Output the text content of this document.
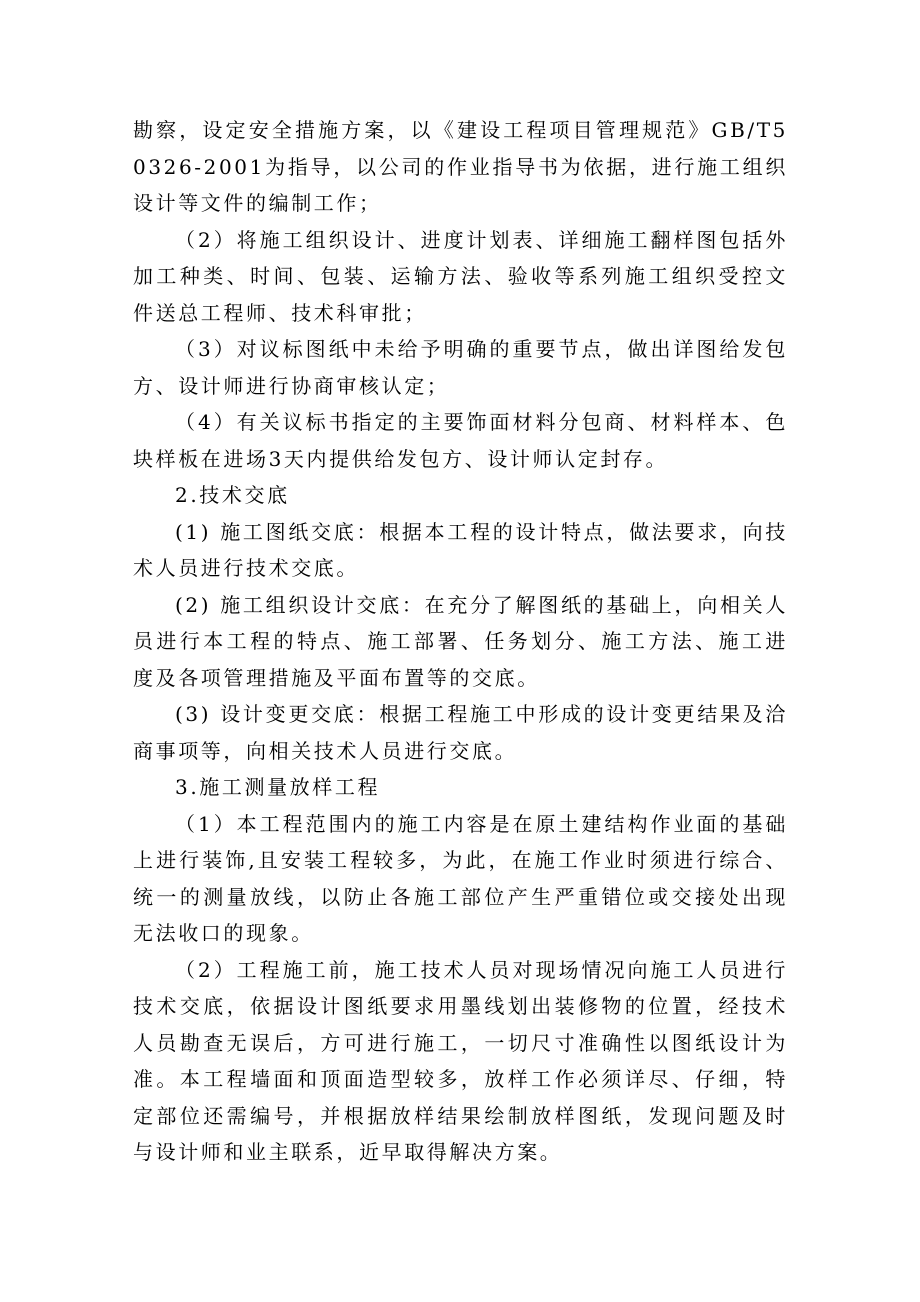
勘察，设定安全措施方案，以《建设工程项目管理规范》GB/T50326-2001为指导，以公司的作业指导书为依据，进行施工组织设计等文件的编制工作；

（2）将施工组织设计、进度计划表、详细施工翻样图包括外加工种类、时间、包装、运输方法、验收等系列施工组织受控文件送总工程师、技术科审批；

（3）对议标图纸中未给予明确的重要节点，做出详图给发包方、设计师进行协商审核认定；

（4）有关议标书指定的主要饰面材料分包商、材料样本、色块样板在进场3天内提供给发包方、设计师认定封存。

2.技术交底

(1) 施工图纸交底：根据本工程的设计特点，做法要求，向技术人员进行技术交底。

(2) 施工组织设计交底：在充分了解图纸的基础上，向相关人员进行本工程的特点、施工部署、任务划分、施工方法、施工进度及各项管理措施及平面布置等的交底。

(3) 设计变更交底：根据工程施工中形成的设计变更结果及洽商事项等，向相关技术人员进行交底。

3.施工测量放样工程

（1）本工程范围内的施工内容是在原土建结构作业面的基础上进行装饰,且安装工程较多，为此，在施工作业时须进行综合、统一的测量放线，以防止各施工部位产生严重错位或交接处出现无法收口的现象。

（2）工程施工前，施工技术人员对现场情况向施工人员进行技术交底，依据设计图纸要求用墨线划出装修物的位置，经技术人员勘查无误后，方可进行施工，一切尺寸准确性以图纸设计为准。本工程墙面和顶面造型较多，放样工作必须详尽、仔细，特定部位还需编号，并根据放样结果绘制放样图纸，发现问题及时与设计师和业主联系，近早取得解决方案。
